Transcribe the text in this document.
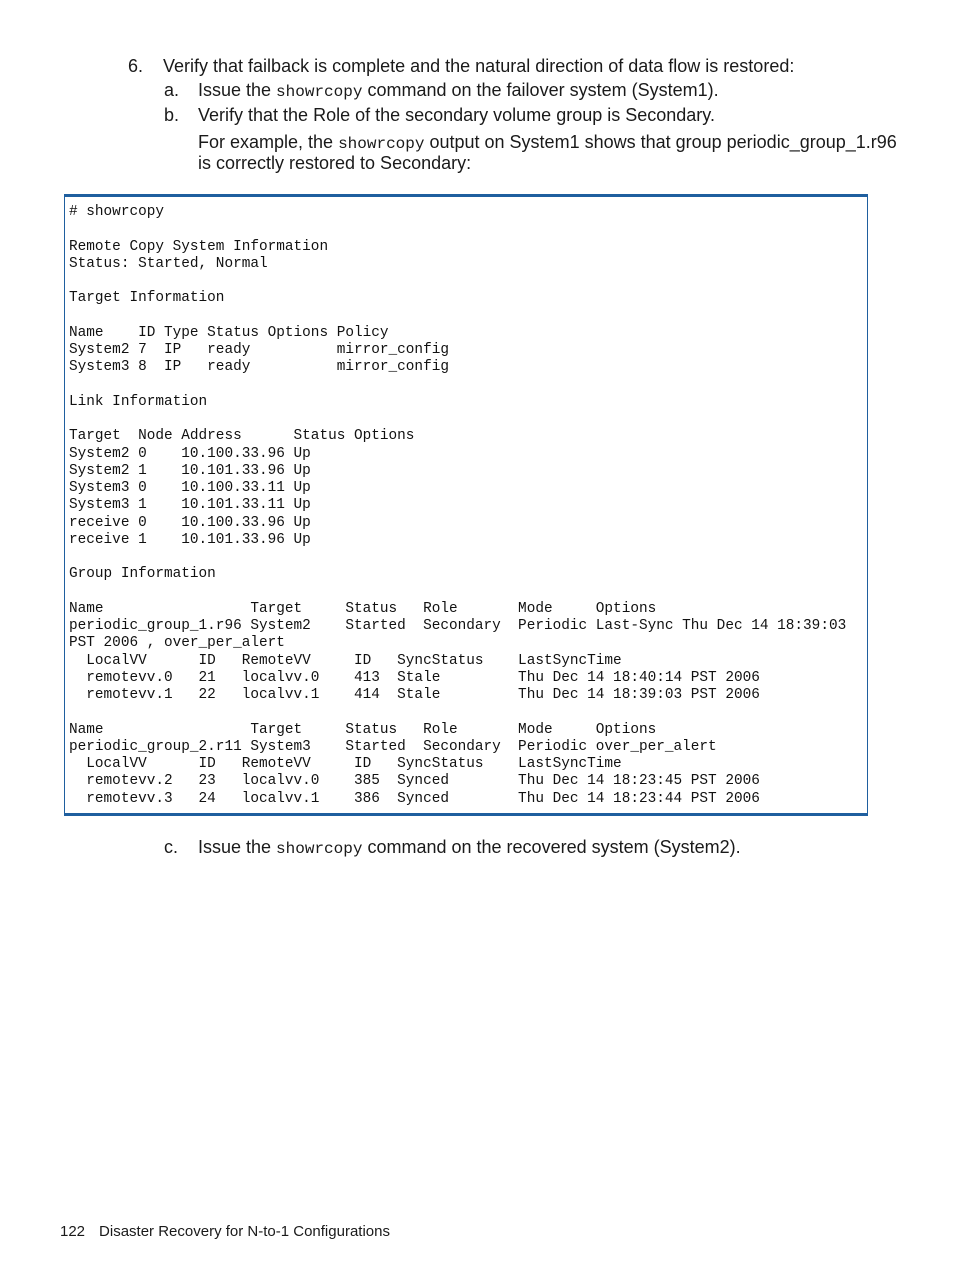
6. Verify that failback is complete and the natural direction of data flow is restored:
a. Issue the showrcopy command on the failover system (System1).
b. Verify that the Role of the secondary volume group is Secondary.
For example, the showrcopy output on System1 shows that group periodic_group_1.r96
is correctly restored to Secondary:
# showrcopy

Remote Copy System Information
Status: Started, Normal

Target Information

Name    ID Type Status Options Policy
System2 7  IP   ready          mirror_config
System3 8  IP   ready          mirror_config

Link Information

Target  Node Address      Status Options
System2 0    10.100.33.96 Up
System2 1    10.101.33.96 Up
System3 0    10.100.33.11 Up
System3 1    10.101.33.11 Up
receive 0    10.100.33.96 Up
receive 1    10.101.33.96 Up

Group Information

Name                 Target     Status   Role       Mode     Options
periodic_group_1.r96 System2    Started  Secondary  Periodic Last-Sync Thu Dec 14 18:39:03
PST 2006 , over_per_alert
LocalVV      ID   RemoteVV     ID   SyncStatus    LastSyncTime
remotevv.0   21   localvv.0    413  Stale         Thu Dec 14 18:40:14 PST 2006
remotevv.1   22   localvv.1    414  Stale         Thu Dec 14 18:39:03 PST 2006

Name                 Target     Status   Role       Mode     Options
periodic_group_2.r11 System3    Started  Secondary  Periodic over_per_alert
LocalVV      ID   RemoteVV     ID   SyncStatus    LastSyncTime
remotevv.2   23   localvv.0    385  Synced        Thu Dec 14 18:23:45 PST 2006
remotevv.3   24   localvv.1    386  Synced        Thu Dec 14 18:23:44 PST 2006
c. Issue the showrcopy command on the recovered system (System2).
122 Disaster Recovery for N-to-1 Configurations
